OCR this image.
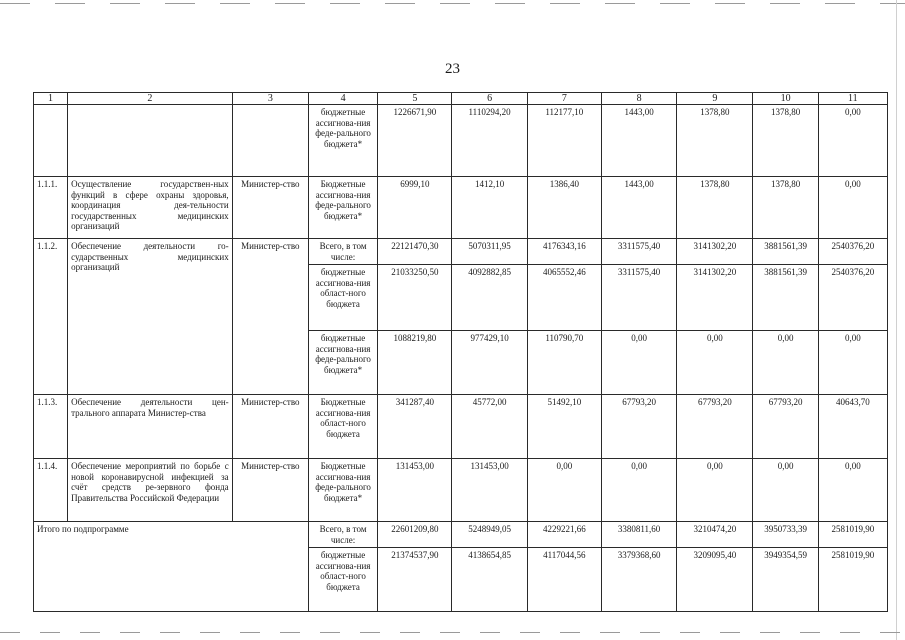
23
1	2	3	4	5	6	7	8	9	10	11
			бюджетные ассигнова-ния феде-рального бюджета*	1226671,90	1110294,20	112177,10	1443,00	1378,80	1378,80	0,00
1.1.1.	Осуществление государствен-ных функций в сфере охраны здоровья, координация дея-тельности государственных медицинских организаций	Министер-ство	Бюджетные ассигнова-ния феде-рального бюджета*	6999,10	1412,10	1386,40	1443,00	1378,80	1378,80	0,00
1.1.2.	Обеспечение деятельности го-сударственных медицинских организаций	Министер-ство	Всего, в том числе:	22121470,30	5070311,95	4176343,16	3311575,40	3141302,20	3881561,39	2540376,20
			бюджетные ассигнова-ния област-ного бюджета	21033250,50	4092882,85	4065552,46	3311575,40	3141302,20	3881561,39	2540376,20
			бюджетные ассигнова-ния феде-рального бюджета*	1088219,80	977429,10	110790,70	0,00	0,00	0,00	0,00
1.1.3.	Обеспечение деятельности цен-трального аппарата Министер-ства	Министер-ство	Бюджетные ассигнова-ния област-ного бюджета	341287,40	45772,00	51492,10	67793,20	67793,20	67793,20	40643,70
1.1.4.	Обеспечение мероприятий по борьбе с новой коронавирусной инфекцией за счёт средств ре-зервного фонда Правительства Российской Федерации	Министер-ство	Бюджетные ассигнова-ния феде-рального бюджета*	131453,00	131453,00	0,00	0,00	0,00	0,00	0,00
Итого по подпрограмме			Всего, в том числе:	22601209,80	5248949,05	4229221,66	3380811,60	3210474,20	3950733,39	2581019,90
			бюджетные ассигнова-ния област-ного бюджета	21374537,90	4138654,85	4117044,56	3379368,60	3209095,40	3949354,59	2581019,90
